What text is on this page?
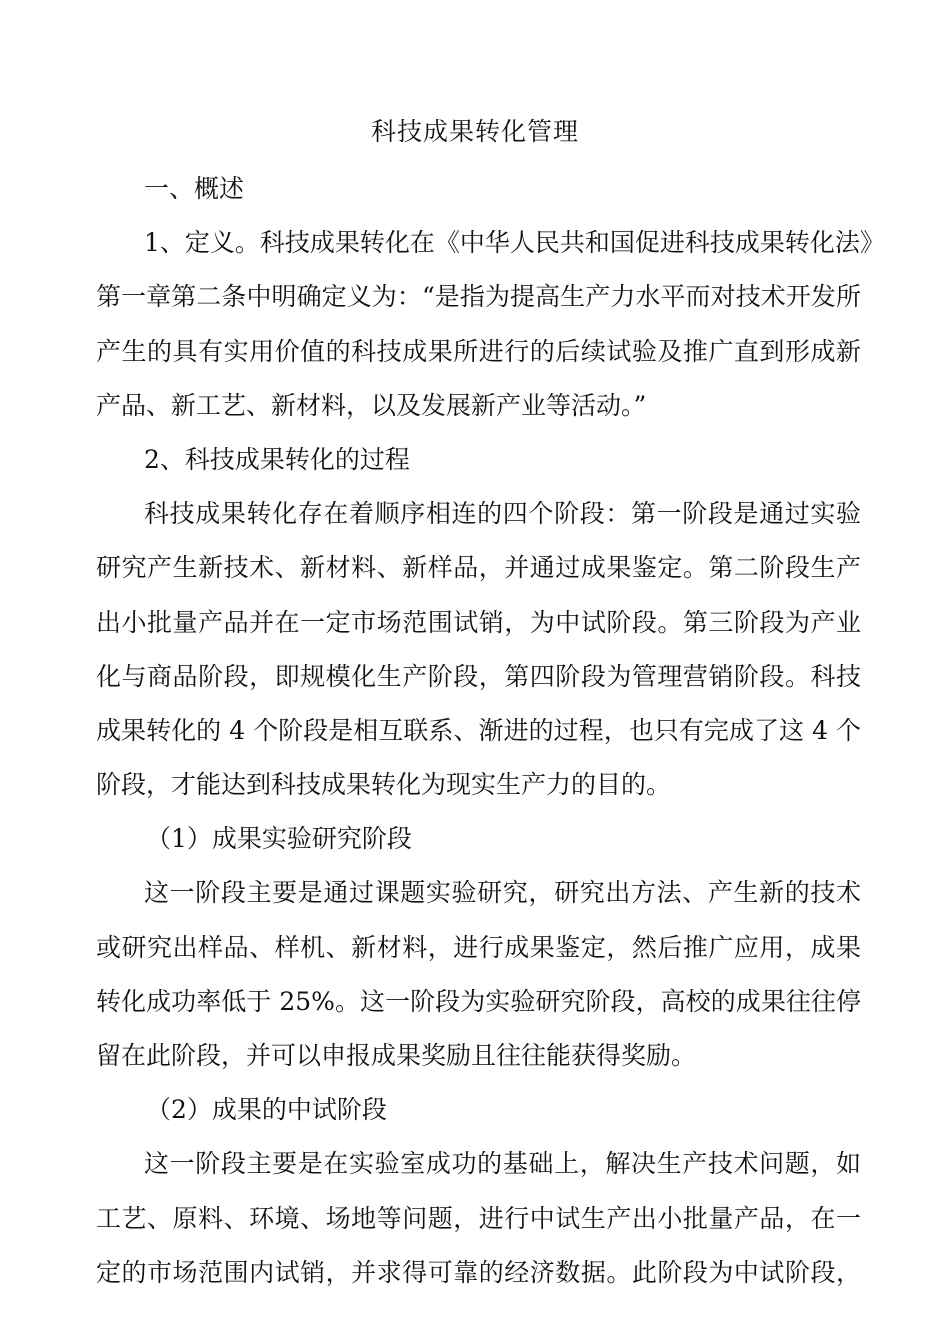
科技成果转化管理
一、概述
1、定义。科技成果转化在《中华人民共和国促进科技成果转化法》
第一章第二条中明确定义为：“是指为提高生产力水平而对技术开发所
产生的具有实用价值的科技成果所进行的后续试验及推广直到形成新
产品、新工艺、新材料，以及发展新产业等活动。”
2、科技成果转化的过程
科技成果转化存在着顺序相连的四个阶段：第一阶段是通过实验
研究产生新技术、新材料、新样品，并通过成果鉴定。第二阶段生产
出小批量产品并在一定市场范围试销，为中试阶段。第三阶段为产业
化与商品阶段，即规模化生产阶段，第四阶段为管理营销阶段。科技
成果转化的 4 个阶段是相互联系、渐进的过程，也只有完成了这 4 个
阶段，才能达到科技成果转化为现实生产力的目的。
（1）成果实验研究阶段
这一阶段主要是通过课题实验研究，研究出方法、产生新的技术
或研究出样品、样机、新材料，进行成果鉴定，然后推广应用，成果
转化成功率低于 25%。这一阶段为实验研究阶段，高校的成果往往停
留在此阶段，并可以申报成果奖励且往往能获得奖励。
（2）成果的中试阶段
这一阶段主要是在实验室成功的基础上，解决生产技术问题，如
工艺、原料、环境、场地等问题，进行中试生产出小批量产品，在一
定的市场范围内试销，并求得可靠的经济数据。此阶段为中试阶段，
